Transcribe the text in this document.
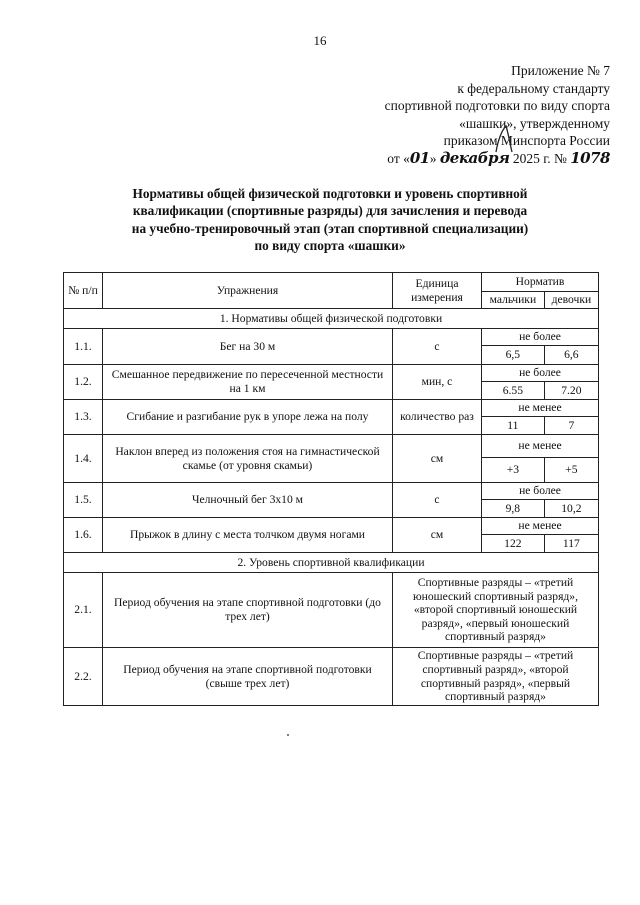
16
Приложение № 7
к федеральному стандарту
спортивной подготовки по виду спорта
«шашки», утвержденному
приказом Минспорта России
от «01» декабря 2025 г. № 1078
Нормативы общей физической подготовки и уровень спортивной
квалификации (спортивные разряды) для зачисления и перевода
на учебно-тренировочный этап (этап спортивной специализации)
по виду спорта «шашки»
№ п/п	Упражнения	Единица измерения	Норматив	
			мальчики	девочки
1. Нормативы общей физической подготовки				
1.1.	Бег на 30 м	с	не более	
			6,5	6,6
1.2.	Смешанное передвижение по пересеченной местности на 1 км	мин, с	не более	
			6.55	7.20
1.3.	Сгибание и разгибание рук в упоре лежа на полу	количество раз	не менее	
			11	7
1.4.	Наклон вперед из положения стоя на гимнастической скамье (от уровня скамьи)	см	не менее	
			+3	+5
1.5.	Челночный бег 3х10 м	с	не более	
			9,8	10,2
1.6.	Прыжок в длину с места толчком двумя ногами	см	не менее	
			122	117
2. Уровень спортивной квалификации				
2.1.	Период обучения на этапе спортивной подготовки (до трех лет)	Спортивные разряды – «третий юношеский спортивный разряд», «второй спортивный юношеский разряд», «первый юношеский спортивный разряд»		
2.2.	Период обучения на этапе спортивной подготовки (свыше трех лет)	Спортивные разряды – «третий спортивный разряд», «второй спортивный разряд», «первый спортивный разряд»		
